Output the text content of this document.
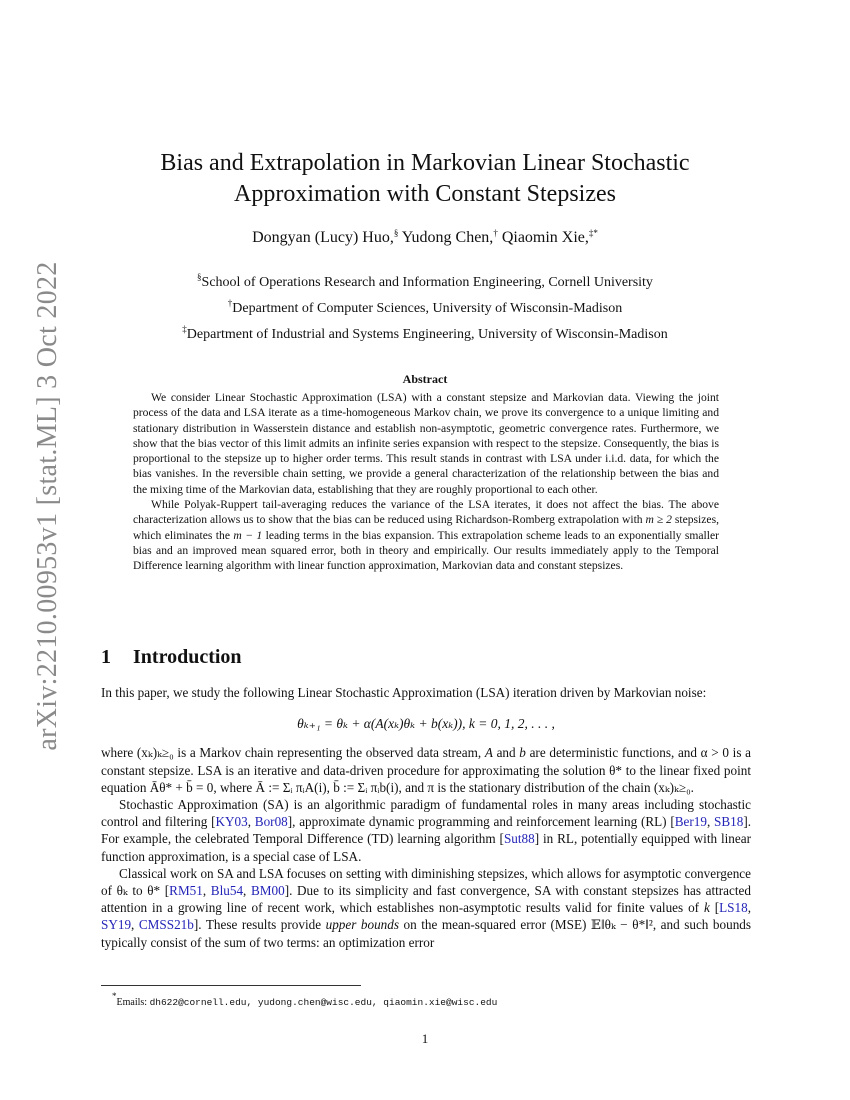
arXiv:2210.00953v1 [stat.ML] 3 Oct 2022
Bias and Extrapolation in Markovian Linear Stochastic
Approximation with Constant Stepsizes
Dongyan (Lucy) Huo,§ Yudong Chen,† Qiaomin Xie,‡*
§School of Operations Research and Information Engineering, Cornell University
†Department of Computer Sciences, University of Wisconsin-Madison
‡Department of Industrial and Systems Engineering, University of Wisconsin-Madison
Abstract

We consider Linear Stochastic Approximation (LSA) with a constant stepsize and Markovian data. Viewing the joint process of the data and LSA iterate as a time-homogeneous Markov chain, we prove its convergence to a unique limiting and stationary distribution in Wasserstein distance and establish non-asymptotic, geometric convergence rates. Furthermore, we show that the bias vector of this limit admits an infinite series expansion with respect to the stepsize. Consequently, the bias is proportional to the stepsize up to higher order terms. This result stands in contrast with LSA under i.i.d. data, for which the bias vanishes. In the reversible chain setting, we provide a general characterization of the relationship between the bias and the mixing time of the Markovian data, establishing that they are roughly proportional to each other.

While Polyak-Ruppert tail-averaging reduces the variance of the LSA iterates, it does not affect the bias. The above characterization allows us to show that the bias can be reduced using Richardson-Romberg extrapolation with m ≥ 2 stepsizes, which eliminates the m − 1 leading terms in the bias expansion. This extrapolation scheme leads to an exponentially smaller bias and an improved mean squared error, both in theory and empirically. Our results immediately apply to the Temporal Difference learning algorithm with linear function approximation, Markovian data and constant stepsizes.

1 Introduction

In this paper, we study the following Linear Stochastic Approximation (LSA) iteration driven by Markovian noise:

θₖ₊₁ = θₖ + α(A(xₖ)θₖ + b(xₖ)), k = 0, 1, 2, . . . ,

where (xₖ)ₖ≥₀ is a Markov chain representing the observed data stream, A and b are deterministic functions, and α > 0 is a constant stepsize. LSA is an iterative and data-driven procedure for approximating the solution θ* to the linear fixed point equation Āθ* + b̄ = 0, where Ā := Σᵢ πᵢA(i), b̄ := Σᵢ πᵢb(i), and π is the stationary distribution of the chain (xₖ)ₖ≥₀.

Stochastic Approximation (SA) is an algorithmic paradigm of fundamental roles in many areas including stochastic control and filtering [KY03, Bor08], approximate dynamic programming and reinforcement learning (RL) [Ber19, SB18]. For example, the celebrated Temporal Difference (TD) learning algorithm [Sut88] in RL, potentially equipped with linear function approximation, is a special case of LSA.

Classical work on SA and LSA focuses on setting with diminishing stepsizes, which allows for asymptotic convergence of θₖ to θ* [RM51, Blu54, BM00]. Due to its simplicity and fast convergence, SA with constant stepsizes has attracted attention in a growing line of recent work, which establishes non-asymptotic results valid for finite values of k [LS18, SY19, CMSS21b]. These results provide upper bounds on the mean-squared error (MSE) 𝔼‖θₖ − θ*‖², and such bounds typically consist of the sum of two terms: an optimization error

*Emails: dh622@cornell.edu, yudong.chen@wisc.edu, qiaomin.xie@wisc.edu
1
